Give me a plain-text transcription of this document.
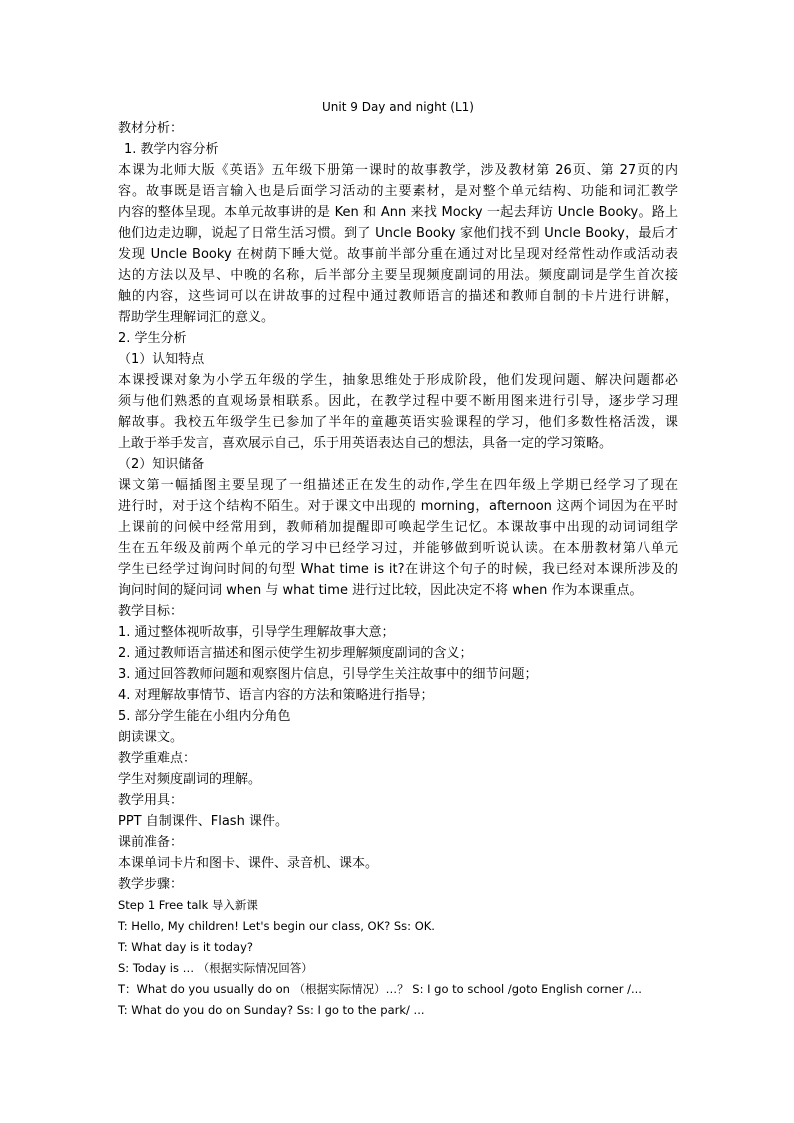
Unit 9 Day and night (L1)
教材分析：
1. 教学内容分析
本课为北师大版《英语》五年级下册第一课时的故事教学，涉及教材第 26页、第 27页的内
容。故事既是语言输入也是后面学习活动的主要素材，是对整个单元结构、功能和词汇教学
内容的整体呈现。本单元故事讲的是 Ken 和 Ann 来找 Mocky 一起去拜访 Uncle Booky。路上
他们边走边聊，说起了日常生活习惯。到了 Uncle Booky 家他们找不到 Uncle Booky，最后才
发现 Uncle Booky 在树荫下睡大觉。故事前半部分重在通过对比呈现对经常性动作或活动表
达的方法以及早、中晚的名称，后半部分主要呈现频度副词的用法。频度副词是学生首次接
触的内容，这些词可以在讲故事的过程中通过教师语言的描述和教师自制的卡片进行讲解，
帮助学生理解词汇的意义。
2. 学生分析
（1）认知特点
本课授课对象为小学五年级的学生，抽象思维处于形成阶段，他们发现问题、解决问题都必
须与他们熟悉的直观场景相联系。因此，在教学过程中要不断用图来进行引导，逐步学习理
解故事。我校五年级学生已参加了半年的童趣英语实验课程的学习，他们多数性格活泼，课
上敢于举手发言，喜欢展示自己，乐于用英语表达自己的想法，具备一定的学习策略。
（2）知识储备
课文第一幅插图主要呈现了一组描述正在发生的动作,学生在四年级上学期已经学习了现在
进行时，对于这个结构不陌生。对于课文中出现的 morning，afternoon 这两个词因为在平时
上课前的问候中经常用到，教师稍加提醒即可唤起学生记忆。本课故事中出现的动词词组学
生在五年级及前两个单元的学习中已经学习过，并能够做到听说认读。在本册教材第八单元
学生已经学过询问时间的句型 What time is it?在讲这个句子的时候，我已经对本课所涉及的
询问时间的疑问词 when 与 what time 进行过比较，因此决定不将 when 作为本课重点。
教学目标：
1. 通过整体视听故事，引导学生理解故事大意；
2. 通过教师语言描述和图示使学生初步理解频度副词的含义；
3. 通过回答教师问题和观察图片信息，引导学生关注故事中的细节问题；
4. 对理解故事情节、语言内容的方法和策略进行指导；
5. 部分学生能在小组内分角色
朗读课文。
教学重难点：
学生对频度副词的理解。
教学用具：
PPT 自制课件、Flash 课件。
课前准备：
本课单词卡片和图卡、课件、录音机、课本。
教学步骤：
Step 1 Free talk 导入新课
T: Hello, My children! Let's begin our class, OK? Ss: OK.
T: What day is it today?
S: Today is … （根据实际情况回答）
T：What do you usually do on （根据实际情况）…？ S: I go to school /goto English corner /...
T: What do you do on Sunday? Ss: I go to the park/ ...
